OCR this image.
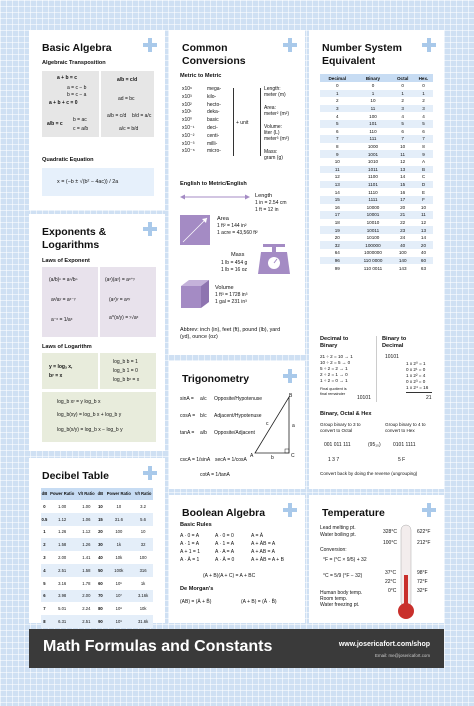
Basic Algebra
Algebraic Transposition
a + b = c
a = c − b
b = c − a
a + b + c = 0
a/b = c
b = ac
c = a/b
a/b = c/d
ad = bc
a/b = c/d b/d = a/c
a/c = b/d
Quadratic Equation
x = (−b ± √(b² − 4ac)) / 2a
Exponents &
Logarithms
Laws of Exponent
(a/b)ⁿ = aⁿ/bⁿ	(aˣ)(aʸ) = aˣ⁺ʸ
aˣ/aʸ = aˣ⁻ʸ	(aˣ)ʸ = aˣʸ
a⁻ˣ = 1/aˣ	a^(x/y) = ʸ√aˣ
Laws of Logarithm
y = logₐ x,
bʸ = x
log_b b = 1
log_b 1 = 0
log_b bˣ = x
log_b xʸ = y log_b x
log_b(xy) = log_b x + log_b y
log_b(x/y) = log_b x − log_b y
Decibel Table
dB	Power Ratio	V/I Ratio	dB	Power Ratio	V/I Ratio
0	1.00	1.00	10	10	3.2
0.5	1.12	1.06	15	31.6	5.6
1	1.26	1.12	20	100	10
2	1.58	1.26	30	1k	32
3	2.00	1.41	40	10k	100
4	2.51	1.58	50	100k	316
5	3.16	1.78	60	10⁶	1k
6	3.98	2.00	70	10⁷	3.16k
7	5.01	2.24	80	10⁸	10k
8	6.31	2.51	90	10⁹	31.6k

Common
Conversions
Metric to Metric
x10⁶
x10³
x10²
x10¹
x10⁰
x10⁻¹
x10⁻²
x10⁻³
x10⁻⁶
mega-
kilo-
hecto-
deka-
basic
deci-
centi-
milli-
micro-
+ unit
Length:
meter (m)
Area:
meter² (m²)
Volume:
liter (L)
meter³ (m³)
Mass:
gram (g)
English to Metric/English
Length
1 in = 2.54 cm
1 ft = 12 in
Area
1 ft² = 144 in²
1 acre = 43,560 ft²
Mass
1 lb = 454 g
1 lb = 16 oz
Volume
1 ft³ = 1728 in³
1 gal = 231 in³
Abbrev: inch (in), feet (ft), pound (lb), yard
(yd), ounce (oz)
Trigonometry
sinA = a/c Opposite/Hypotenuse
cosA = b/c Adjacent/Hypotenuse
tanA = a/b Opposite/Adjacent
cscA = 1/sinA secA = 1/cosA
cotA = 1/tanA
A
B
C
a
b
c
Boolean Algebra
Basic Rules
A · 0 = A
A · 1 = A
A + 1 = 1
A · Ā = 1
A · 0 = 0
A · 1 = A
A · A = A
A · Ā = 0
A = Ā
A + ĀB = A
A + AB = A
A + ĀB = A + B
(A + B)(A + C) = A + BC
De Morgan's
(AB) = (Ā + B̄)	(A + B) = (Ā · B̄)
Number System
Equivalent
Decimal	Binary	Octal	Hex.
0	0	0	0
1	1	1	1
2	10	2	2
3	11	3	3
4	100	4	4
5	101	5	5
6	110	6	6
7	111	7	7
8	1000	10	8
9	1001	11	9
10	1010	12	A
11	1011	13	B
12	1100	14	C
13	1101	15	D
14	1110	16	E
15	1111	17	F
16	10000	20	10
17	10001	21	11
18	10010	22	12
19	10011	23	13
20	10100	24	14
32	100000	40	20
64	1000000	100	40
96	110 0000	140	60
99	110 0011	143	63
Decimal to
Binary
21 ÷ 2 = 10 → 1
10 ÷ 2 = 5 → 0
5 ÷ 2 = 2 → 1
2 ÷ 2 = 1 → 0
1 ÷ 2 = 0 → 1
Final quotient is
final remainder
10101
Binary to
Decimal
10101
1 x 2⁰ = 1
0 x 2¹ = 0
1 x 2² = 4
0 x 2³ = 0
1 x 2⁴ = 16
21
Binary, Octal & Hex
Group binary to 3 to
convert to Octal
Group binary to 4 to
convert to Hex
001 011 111
1 3 7
(95₁₀) 0101 1111
5 F
Convert back by doing the reverse (ungrouping)
Temperature
Lead melting pt.
Water boiling pt.
Conversion:
°F = (°C × 9/5) + 32
°C = 5/9 (°F − 32)
Human body temp.
Room temp.
Water freezing pt.
328°C
100°C
37°C
22°C
0°C
622°F
212°F
98°F
72°F
32°F
Math Formulas and Constants	www.josericafort.com/shop
Email: me@josericafort.com
